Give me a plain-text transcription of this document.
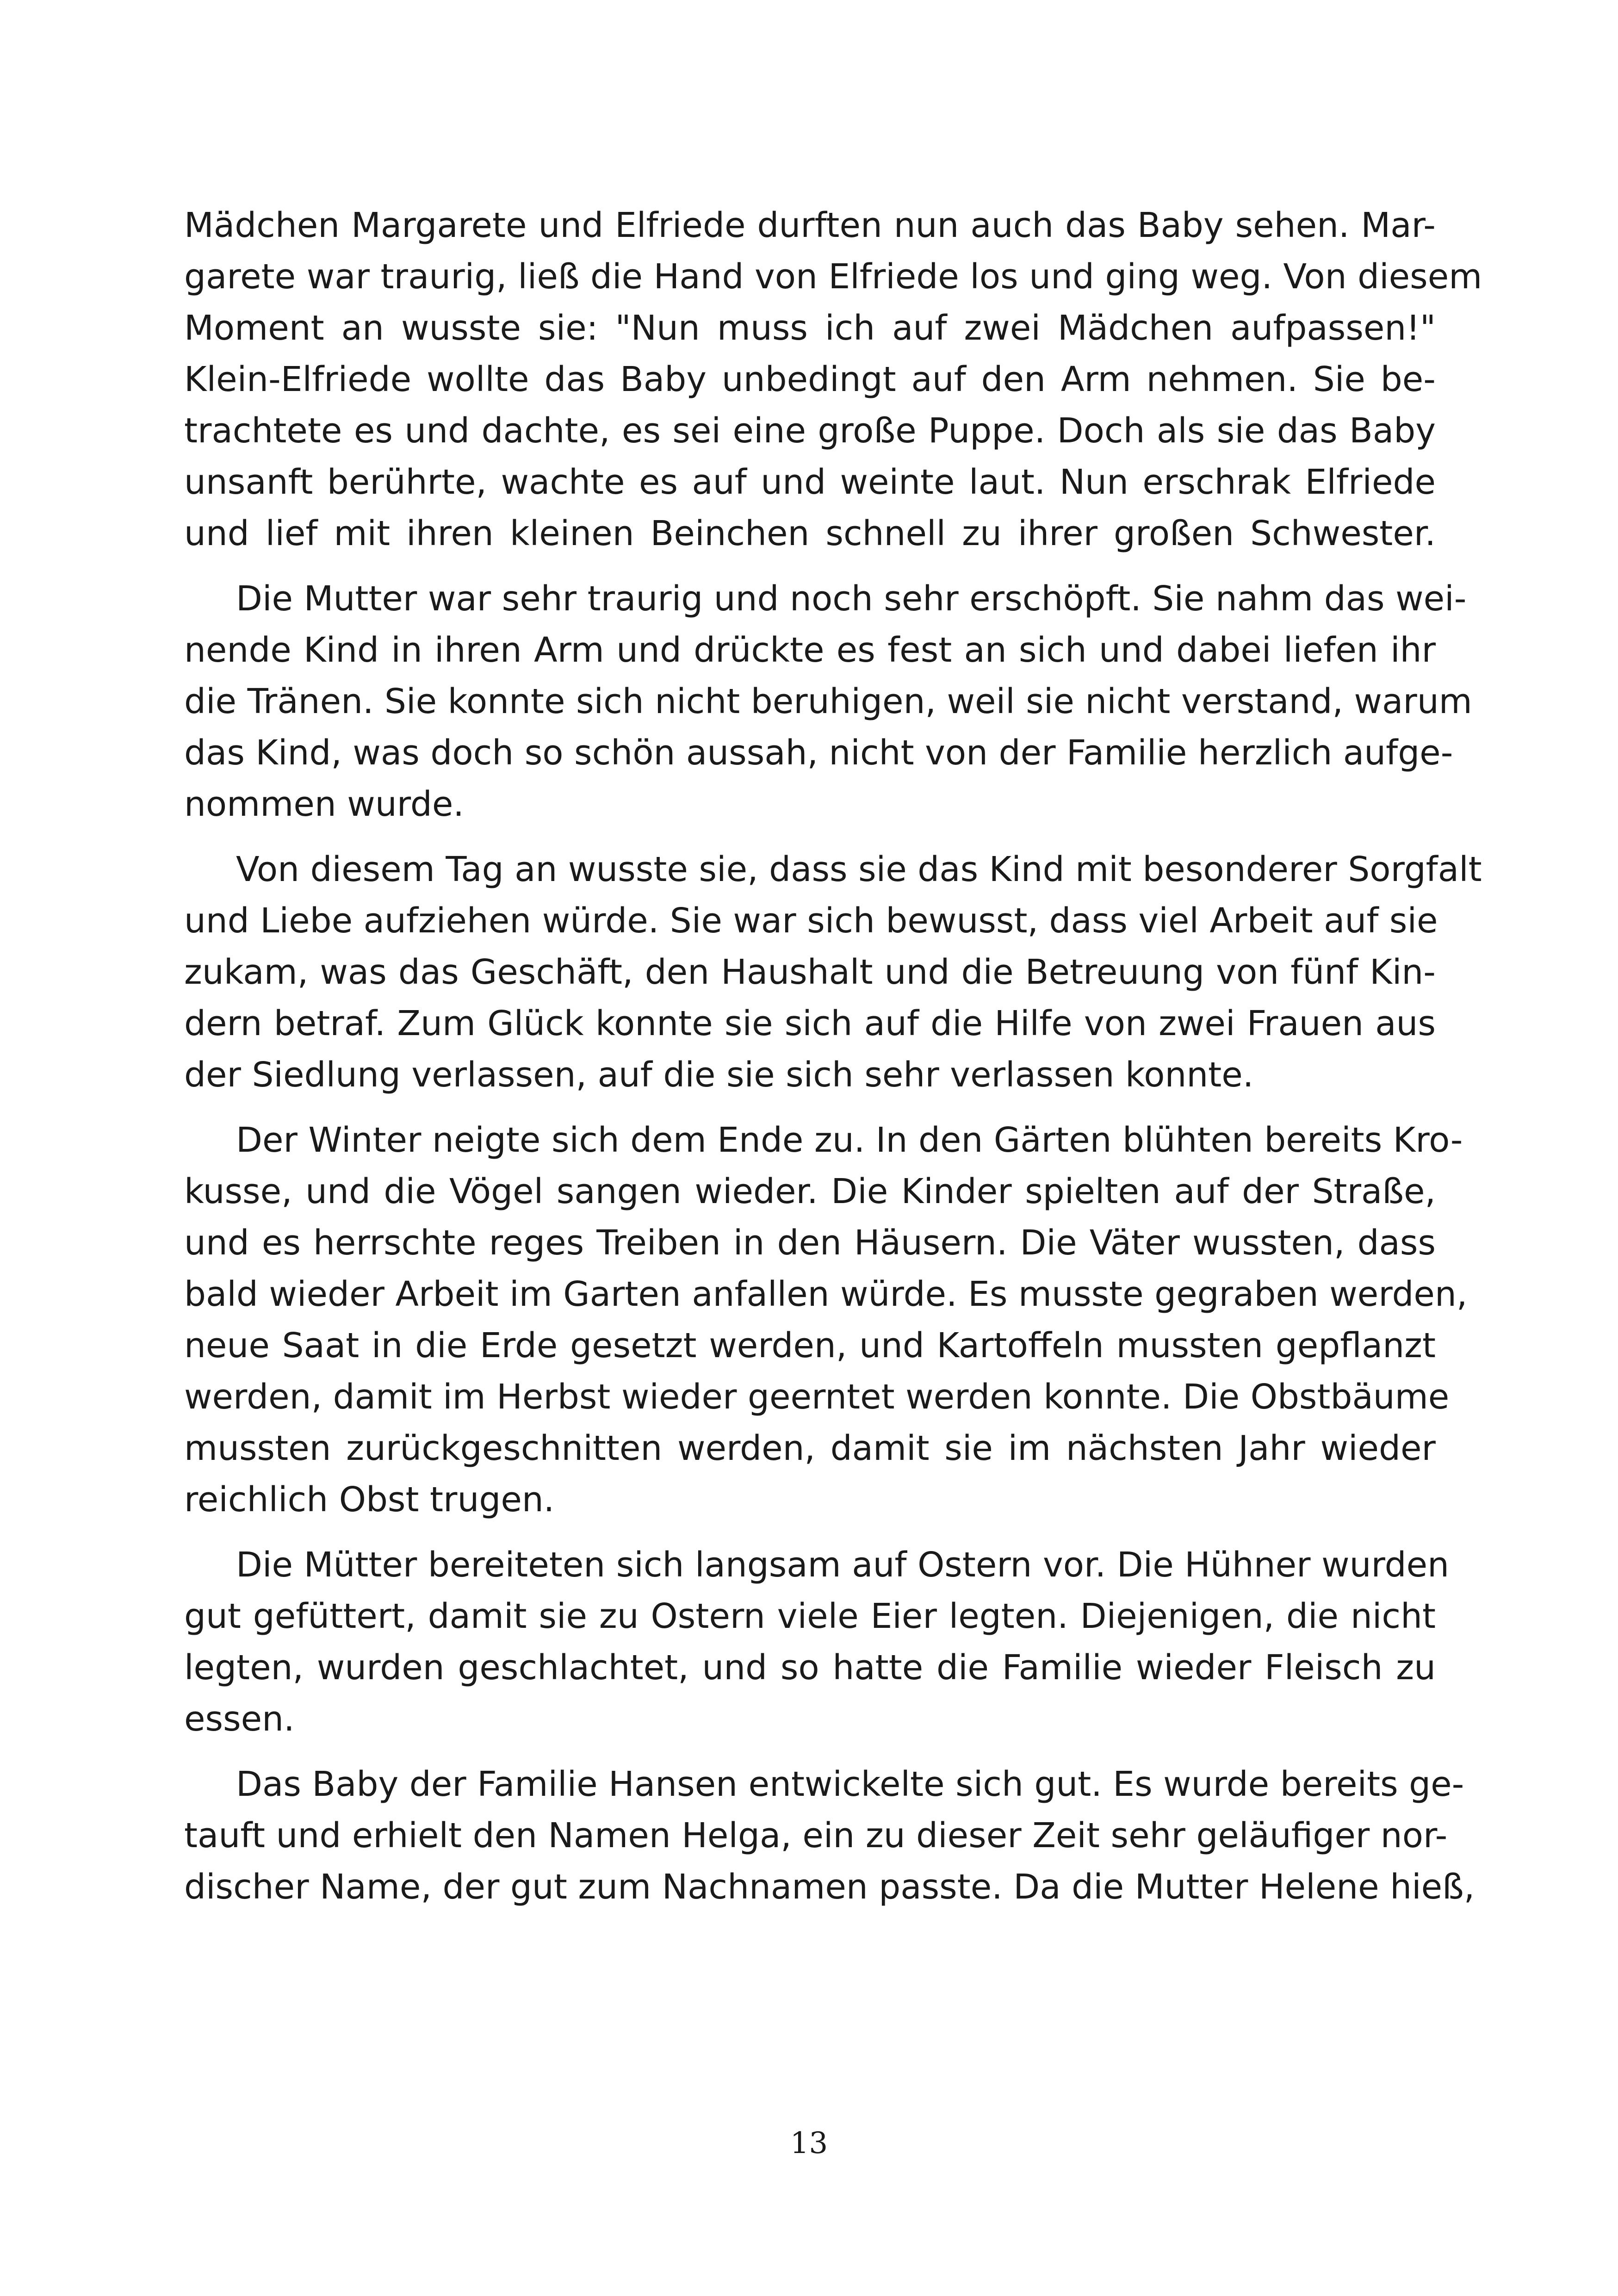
Mädchen Margarete und Elfriede durften nun auch das Baby sehen. Mar-
garete war traurig, ließ die Hand von Elfriede los und ging weg. Von diesem
Moment an wusste sie: "Nun muss ich auf zwei Mädchen aufpassen!"
Klein-Elfriede wollte das Baby unbedingt auf den Arm nehmen. Sie be-
trachtete es und dachte, es sei eine große Puppe. Doch als sie das Baby
unsanft berührte, wachte es auf und weinte laut. Nun erschrak Elfriede
und lief mit ihren kleinen Beinchen schnell zu ihrer großen Schwester.
Die Mutter war sehr traurig und noch sehr erschöpft. Sie nahm das wei-
nende Kind in ihren Arm und drückte es fest an sich und dabei liefen ihr
die Tränen. Sie konnte sich nicht beruhigen, weil sie nicht verstand, warum
das Kind, was doch so schön aussah, nicht von der Familie herzlich aufge-
nommen wurde.
Von diesem Tag an wusste sie, dass sie das Kind mit besonderer Sorgfalt
und Liebe aufziehen würde. Sie war sich bewusst, dass viel Arbeit auf sie
zukam, was das Geschäft, den Haushalt und die Betreuung von fünf Kin-
dern betraf. Zum Glück konnte sie sich auf die Hilfe von zwei Frauen aus
der Siedlung verlassen, auf die sie sich sehr verlassen konnte.
Der Winter neigte sich dem Ende zu. In den Gärten blühten bereits Kro-
kusse, und die Vögel sangen wieder. Die Kinder spielten auf der Straße,
und es herrschte reges Treiben in den Häusern. Die Väter wussten, dass
bald wieder Arbeit im Garten anfallen würde. Es musste gegraben werden,
neue Saat in die Erde gesetzt werden, und Kartoffeln mussten gepflanzt
werden, damit im Herbst wieder geerntet werden konnte. Die Obstbäume
mussten zurückgeschnitten werden, damit sie im nächsten Jahr wieder
reichlich Obst trugen.
Die Mütter bereiteten sich langsam auf Ostern vor. Die Hühner wurden
gut gefüttert, damit sie zu Ostern viele Eier legten. Diejenigen, die nicht
legten, wurden geschlachtet, und so hatte die Familie wieder Fleisch zu
essen.
Das Baby der Familie Hansen entwickelte sich gut. Es wurde bereits ge-
tauft und erhielt den Namen Helga, ein zu dieser Zeit sehr geläufiger nor-
discher Name, der gut zum Nachnamen passte. Da die Mutter Helene hieß,
13
